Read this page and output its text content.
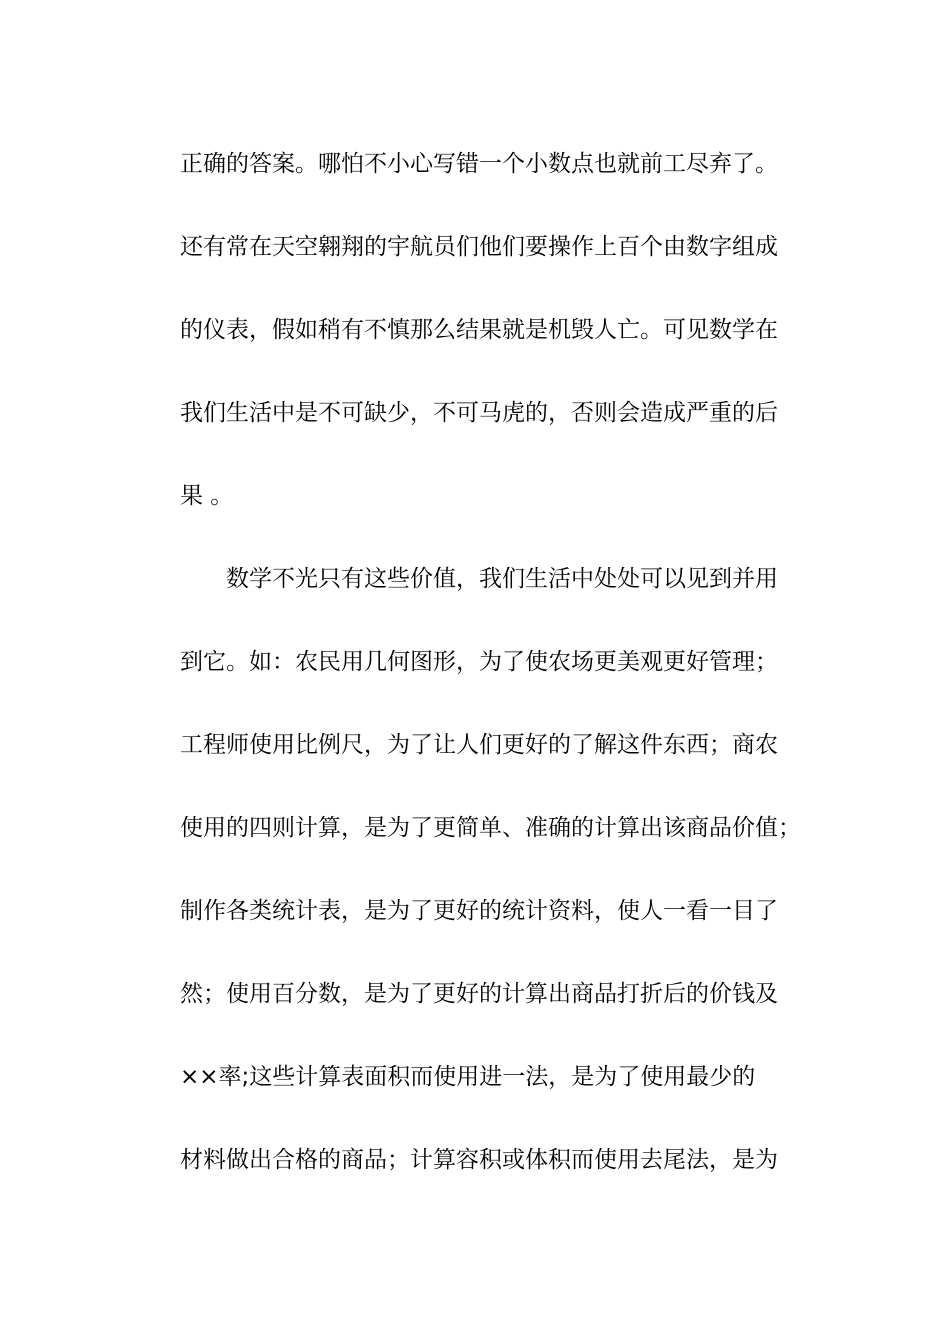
正确的答案。哪怕不小心写错一个小数点也就前工尽弃了。
还有常在天空翱翔的宇航员们他们要操作上百个由数字组成
的仪表，假如稍有不慎那么结果就是机毁人亡。可见数学在
我们生活中是不可缺少，不可马虎的，否则会造成严重的后
果 。
数学不光只有这些价值，我们生活中处处可以见到并用
到它。如：农民用几何图形，为了使农场更美观更好管理；
工程师使用比例尺，为了让人们更好的了解这件东西；商农
使用的四则计算，是为了更简单、准确的计算出该商品价值；
制作各类统计表，是为了更好的统计资料，使人一看一目了
然；使用百分数，是为了更好的计算出商品打折后的价钱及
××率;这些计算表面积而使用进一法，是为了使用最少的
材料做出合格的商品；计算容积或体积而使用去尾法，是为
